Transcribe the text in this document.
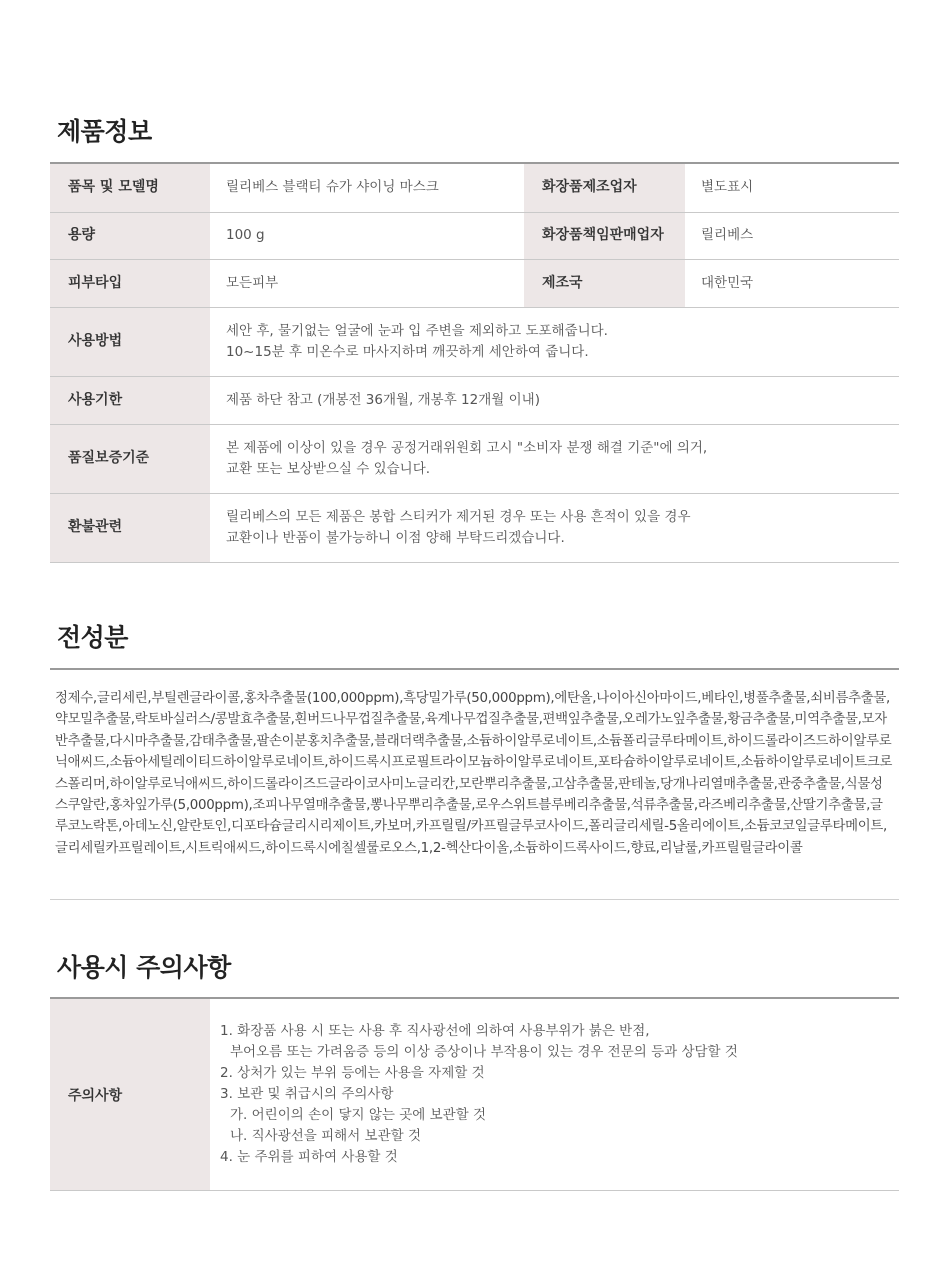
제품정보
품목 및 모델명	릴리베스 블랙티 슈가 샤이닝 마스크	화장품제조업자	별도표시
용량	100 g	화장품책임판매업자	릴리베스
피부타입	모든피부	제조국	대한민국
사용방법	세안 후, 물기없는 얼굴에 눈과 입 주변을 제외하고 도포해줍니다.
10~15분 후 미온수로 마사지하며 깨끗하게 세안하여 줍니다.		

사용기한	제품 하단 참고 (개봉전 36개월, 개봉후 12개월 이내)		

품질보증기준	본 제품에 이상이 있을 경우 공정거래위원회 고시 "소비자 분쟁 해결 기준"에 의거,
교환 또는 보상받으실 수 있습니다.		

환불관련	릴리베스의 모든 제품은 봉합 스티커가 제거된 경우 또는 사용 흔적이 있을 경우
교환이나 반품이 불가능하니 이점 양해 부탁드리겠습니다.		
전성분

정제수,글리세린,부틸렌글라이콜,홍차추출물(100,000ppm),흑당밀가루(50,000ppm),에탄올,나이아신아마이드,베타인,병풀추출물,쇠비름추출물,약모밀추출물,락토바실러스/콩발효추출물,흰버드나무껍질추출물,육계나무껍질추출물,편백잎추출물,오레가노잎추출물,황금추출물,미역추출물,모자반추출물,다시마추출물,감태추출물,팔손이분홍치추출물,블래더랙추출물,소듐하이알루로네이트,소듐폴리글루타메이트,하이드롤라이즈드하이알루로닉애씨드,소듐아세틸레이티드하이알루로네이트,하이드록시프로필트라이모늄하이알루로네이트,포타슘하이알루로네이트,소듐하이알루로네이트크로스폴리머,하이알루로닉애씨드,하이드롤라이즈드글라이코사미노글리칸,모란뿌리추출물,고삼추출물,판테놀,당개나리열매추출물,관중추출물,식물성스쿠알란,홍차잎가루(5,000ppm),조피나무열매추출물,뽕나무뿌리추출물,로우스위트블루베리추출물,석류추출물,라즈베리추출물,산딸기추출물,글루코노락톤,아데노신,알란토인,디포타슘글리시리제이트,카보머,카프릴릴/카프릴글루코사이드,폴리글리세릴-5올리에이트,소듐코코일글루타메이트,글리세릴카프릴레이트,시트릭애씨드,하이드록시에칠셀룰로오스,1,2-헥산다이올,소듐하이드록사이드,향료,리날룰,카프릴릴글라이콜

사용시 주의사항
주의사항
1. 화장품 사용 시 또는 사용 후 직사광선에 의하여 사용부위가 붉은 반점,
부어오름 또는 가려움증 등의 이상 증상이나 부작용이 있는 경우 전문의 등과 상담할 것
2. 상처가 있는 부위 등에는 사용을 자제할 것
3. 보관 및 취급시의 주의사항
가. 어린이의 손이 닿지 않는 곳에 보관할 것
나. 직사광선을 피해서 보관할 것
4. 눈 주위를 피하여 사용할 것
